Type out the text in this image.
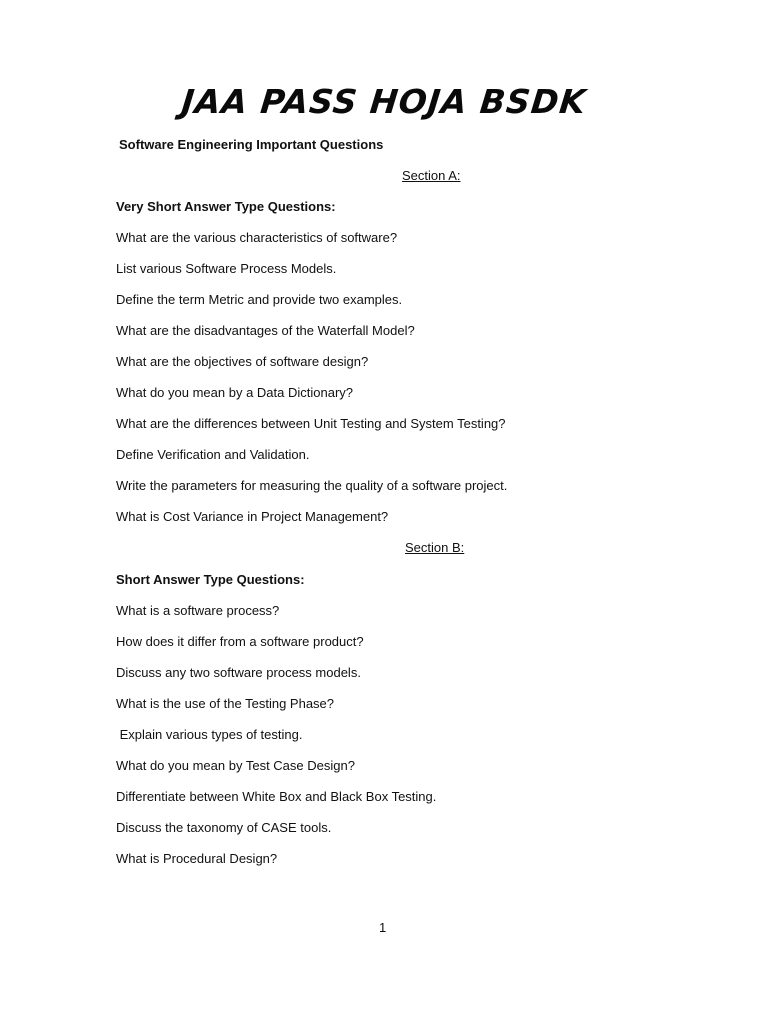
JAA PASS HOJA BSDK
Software Engineering Important Questions
Section A:
Very Short Answer Type Questions:
What are the various characteristics of software?
List various Software Process Models.
Define the term Metric and provide two examples.
What are the disadvantages of the Waterfall Model?
What are the objectives of software design?
What do you mean by a Data Dictionary?
What are the differences between Unit Testing and System Testing?
Define Verification and Validation.
Write the parameters for measuring the quality of a software project.
What is Cost Variance in Project Management?
Section B:
Short Answer Type Questions:
What is a software process?
How does it differ from a software product?
Discuss any two software process models.
What is the use of the Testing Phase?
Explain various types of testing.
What do you mean by Test Case Design?
Differentiate between White Box and Black Box Testing.
Discuss the taxonomy of CASE tools.
What is Procedural Design?
1
